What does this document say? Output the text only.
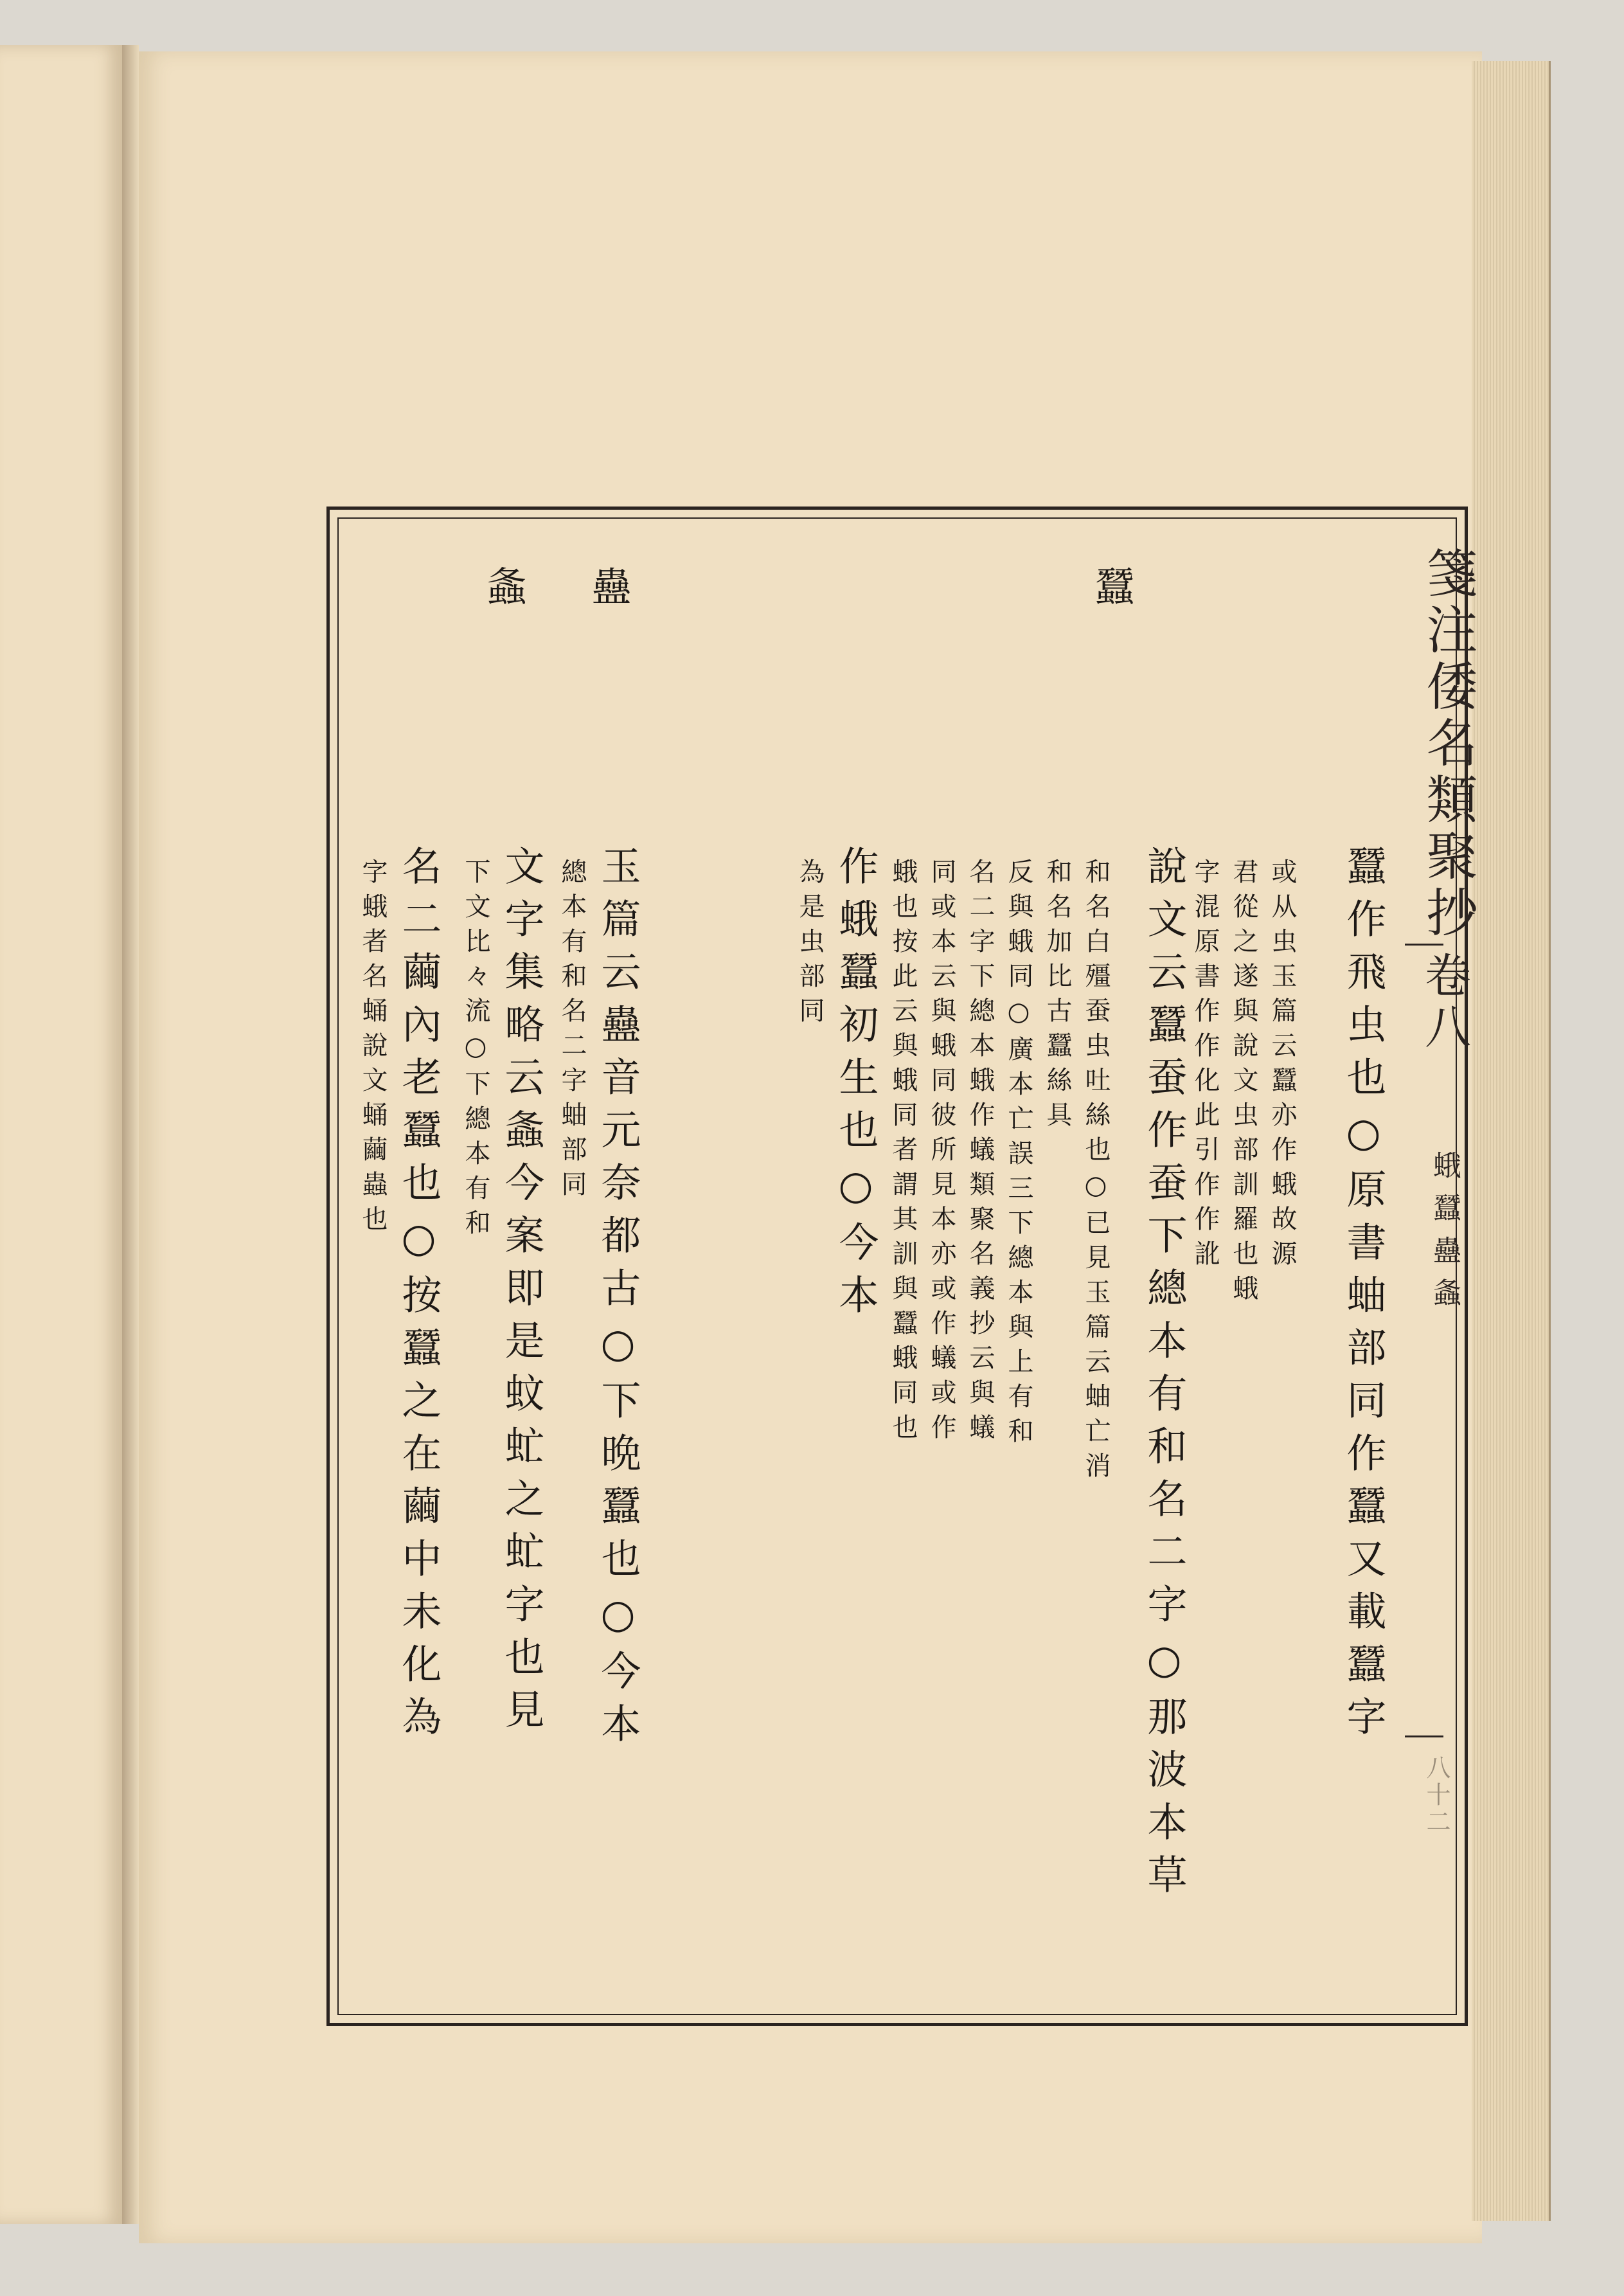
箋注倭名類聚抄
卷八
蛾蠶蠱螽
八十二
蠶
蠱
螽
蠶作飛虫也○原書蚰部同作蠶又載蠶字
或从虫玉篇云蠶亦作蛾故源
君從之遂與說文虫部訓羅也蛾
字混原書作作化此引作作訛
說文云蠶蚕作蚕下總本有和名二字○那波本草
和名白殭蚕虫吐絲也○已見玉篇云蚰亡消
和名加比古蠶絲具
反與蛾同○廣本亡誤三下總本與上有和
名二字下總本蛾作蟻類聚名義抄云與蟻
同或本云與蛾同彼所見本亦或作蟻或作
蛾也按此云與蛾同者謂其訓與蠶蛾同也
作蛾蠶初生也○今本
為是虫部同
玉篇云蠱音元奈都古○下晩蠶也○今本
總本有和名二字蚰部同
文字集略云螽今案即是蚊虻之虻字也見
下文比々流○下總本有和
名二繭內老蠶也○按蠶之在繭中未化為
字蛾者名蛹說文蛹繭蟲也
